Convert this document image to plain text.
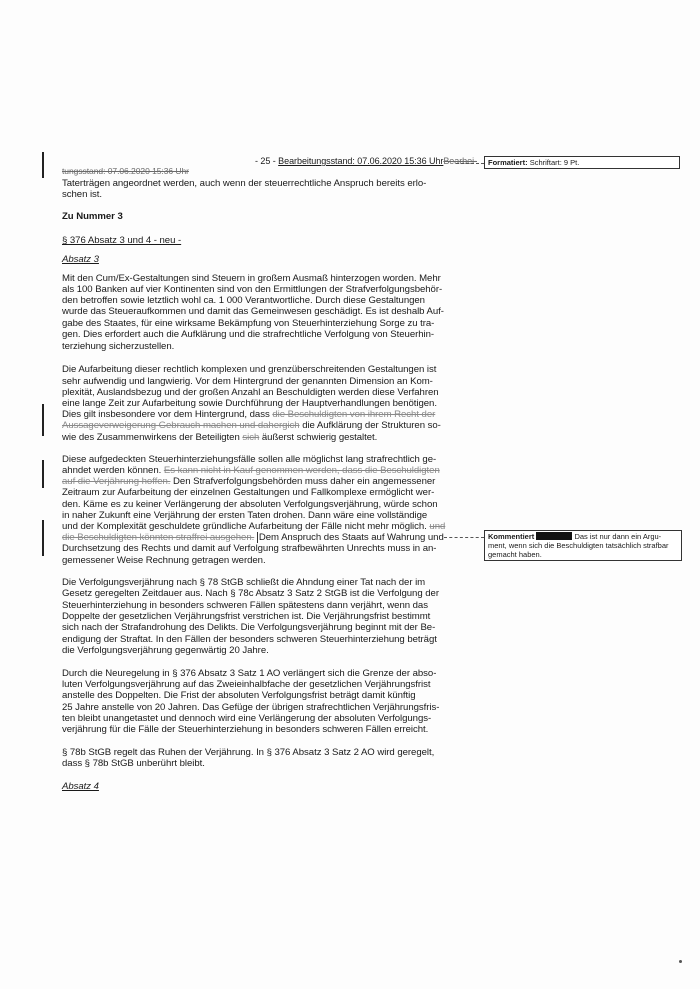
- 25 - Bearbeitungsstand: 07.06.2020 15:36 UhrBearbei-
tungsstand: 07.06.2020 15:36 Uhr
Formatiert: Schriftart: 9 Pt.
Taterträgen angeordnet werden, auch wenn der steuerrechtliche Anspruch bereits erlo-
schen ist.
Zu Nummer 3
§ 376 Absatz 3 und 4 - neu -
Absatz 3
Mit den Cum/Ex-Gestaltungen sind Steuern in großem Ausmaß hinterzogen worden. Mehr
als 100 Banken auf vier Kontinenten sind von den Ermittlungen der Strafverfolgungsbehör-
den betroffen sowie letztlich wohl ca. 1 000 Verantwortliche. Durch diese Gestaltungen
wurde das Steueraufkommen und damit das Gemeinwesen geschädigt. Es ist deshalb Auf-
gabe des Staates, für eine wirksame Bekämpfung von Steuerhinterziehung Sorge zu tra-
gen. Dies erfordert auch die Aufklärung und die strafrechtliche Verfolgung von Steuerhin-
terziehung sicherzustellen.
Die Aufarbeitung dieser rechtlich komplexen und grenzüberschreitenden Gestaltungen ist
sehr aufwendig und langwierig. Vor dem Hintergrund der genannten Dimension an Kom-
plexität, Auslandsbezug und der großen Anzahl an Beschuldigten werden diese Verfahren
eine lange Zeit zur Aufarbeitung sowie Durchführung der Hauptverhandlungen benötigen.
Dies gilt insbesondere vor dem Hintergrund, dass die Beschuldigten von ihrem Recht der
Aussageverweigerung Gebrauch machen und dahergich die Aufklärung der Strukturen so-
wie des Zusammenwirkens der Beteiligten sich äußerst schwierig gestaltet.
Diese aufgedeckten Steuerhinterziehungsfälle sollen alle möglichst lang strafrechtlich ge-
ahndet werden können. Es kann nicht in Kauf genommen werden, dass die Beschuldigten
auf die Verjährung hoffen. Den Strafverfolgungsbehörden muss daher ein angemessener
Zeitraum zur Aufarbeitung der einzelnen Gestaltungen und Fallkomplexe ermöglicht wer-
den. Käme es zu keiner Verlängerung der absoluten Verfolgungsverjährung, würde schon
in naher Zukunft eine Verjährung der ersten Taten drohen. Dann wäre eine vollständige
und der Komplexität geschuldete gründliche Aufarbeitung der Fälle nicht mehr möglich. und
die Beschuldigten könnten straffrei ausgehen. Dem Anspruch des Staats auf Wahrung und
Durchsetzung des Rechts und damit auf Verfolgung strafbewährten Unrechts muss in an-
gemessener Weise Rechnung getragen werden.
Kommentiert	Das ist nur dann ein Argu-
ment, wenn sich die Beschuldigten tatsächlich strafbar
gemacht haben.
Die Verfolgungsverjährung nach § 78 StGB schließt die Ahndung einer Tat nach der im
Gesetz geregelten Zeitdauer aus. Nach § 78c Absatz 3 Satz 2 StGB ist die Verfolgung der
Steuerhinterziehung in besonders schweren Fällen spätestens dann verjährt, wenn das
Doppelte der gesetzlichen Verjährungsfrist verstrichen ist. Die Verjährungsfrist bestimmt
sich nach der Strafandrohung des Delikts. Die Verfolgungsverjährung beginnt mit der Be-
endigung der Straftat. In den Fällen der besonders schweren Steuerhinterziehung beträgt
die Verfolgungsverjährung gegenwärtig 20 Jahre.
Durch die Neuregelung in § 376 Absatz 3 Satz 1 AO verlängert sich die Grenze der abso-
luten Verfolgungsverjährung auf das Zweieinhalbfache der gesetzlichen Verjährungsfrist
anstelle des Doppelten. Die Frist der absoluten Verfolgungsfrist beträgt damit künftig
25 Jahre anstelle von 20 Jahren. Das Gefüge der übrigen strafrechtlichen Verjährungsfris-
ten bleibt unangetastet und dennoch wird eine Verlängerung der absoluten Verfolgungs-
verjährung für die Fälle der Steuerhinterziehung in besonders schweren Fällen erreicht.
§ 78b StGB regelt das Ruhen der Verjährung. In § 376 Absatz 3 Satz 2 AO wird geregelt,
dass § 78b StGB unberührt bleibt.
Absatz 4
